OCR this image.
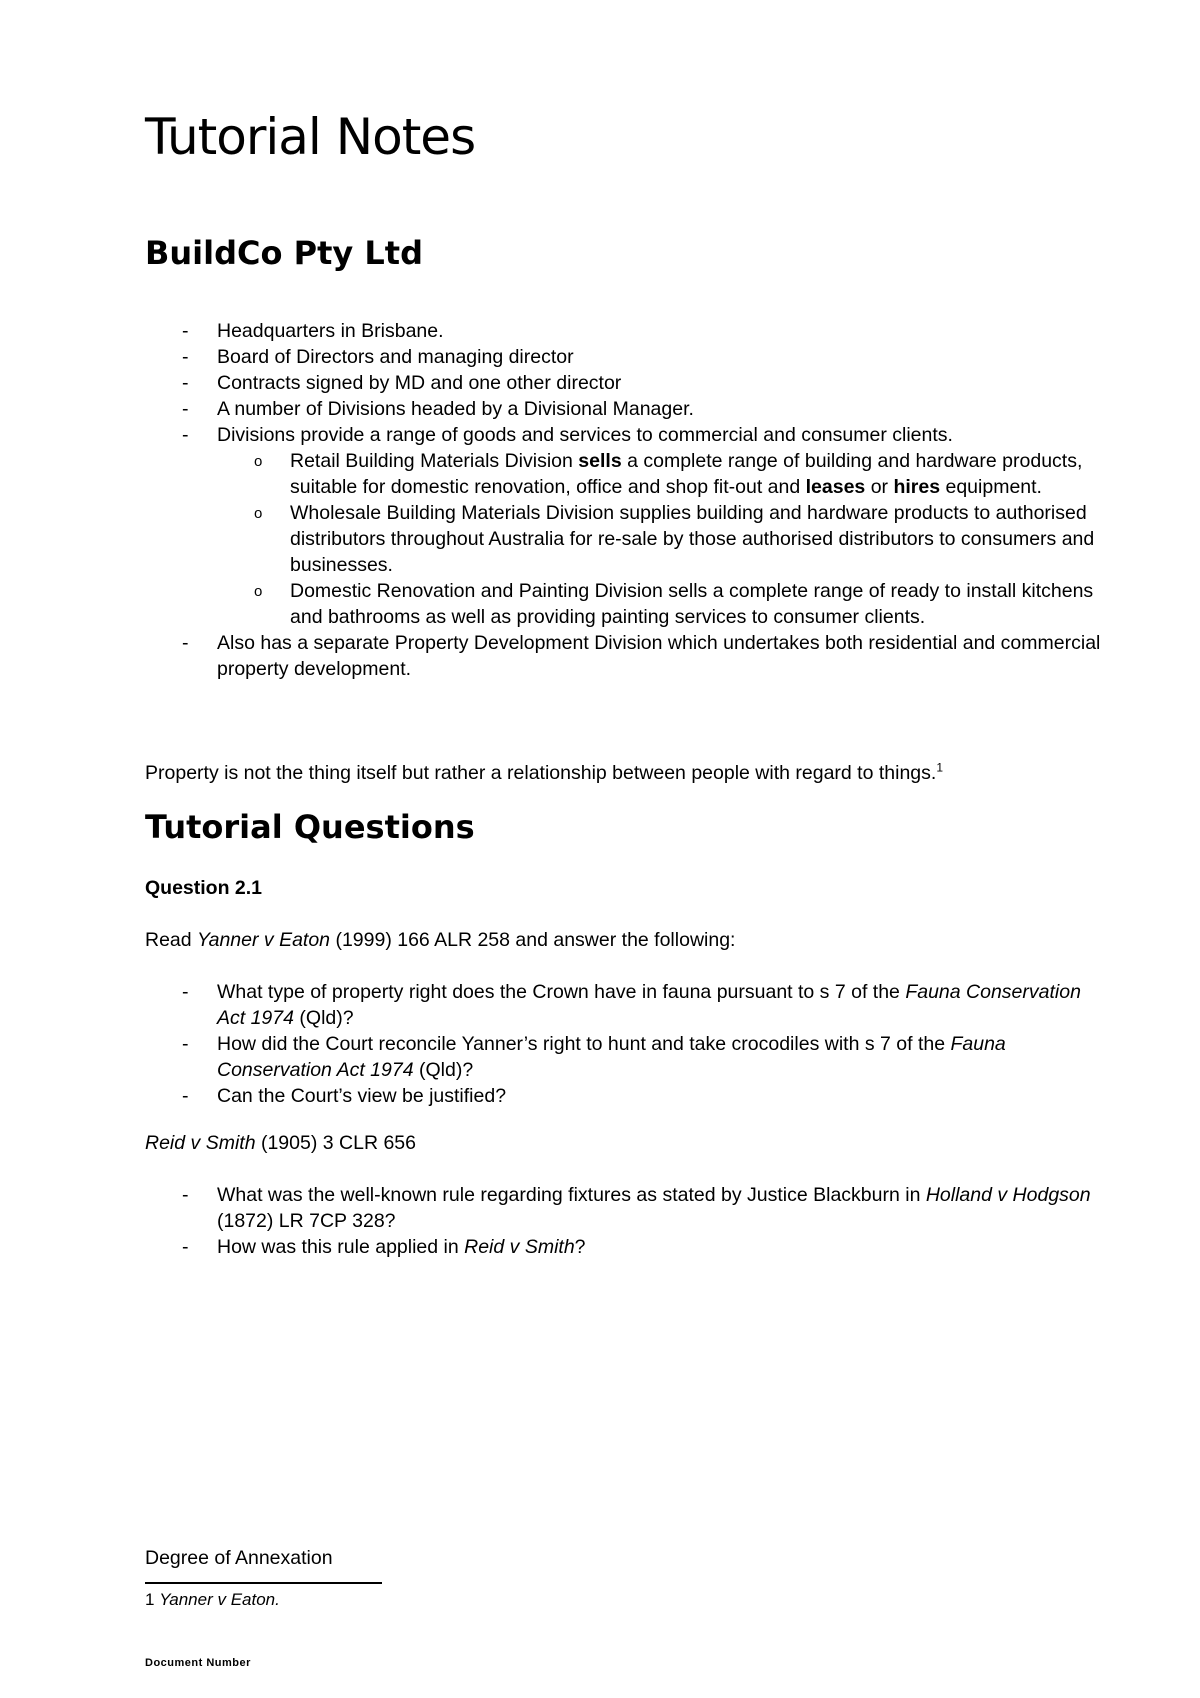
Tutorial Notes
BuildCo Pty Ltd
- Headquarters in Brisbane.
- Board of Directors and managing director
- Contracts signed by MD and one other director
- A number of Divisions headed by a Divisional Manager.
- Divisions provide a range of goods and services to commercial and consumer clients.
o Retail Building Materials Division sells a complete range of building and hardware products, suitable for domestic renovation, office and shop fit-out and leases or hires equipment.
o Wholesale Building Materials Division supplies building and hardware products to authorised distributors throughout Australia for re-sale by those authorised distributors to consumers and businesses.
o Domestic Renovation and Painting Division sells a complete range of ready to install kitchens and bathrooms as well as providing painting services to consumer clients.
- Also has a separate Property Development Division which undertakes both residential and commercial property development.
Property is not the thing itself but rather a relationship between people with regard to things.$^1$
Tutorial Questions
Question 2.1
Read Yanner v Eaton (1999) 166 ALR 258 and answer the following:
- What type of property right does the Crown have in fauna pursuant to s 7 of the Fauna Conservation Act 1974 (Qld)?
- How did the Court reconcile Yanner’s right to hunt and take crocodiles with s 7 of the Fauna Conservation Act 1974 (Qld)?
- Can the Court’s view be justified?
Reid v Smith (1905) 3 CLR 656
- What was the well-known rule regarding fixtures as stated by Justice Blackburn in Holland v Hodgson (1872) LR 7CP 328?
- How was this rule applied in Reid v Smith?
Degree of Annexation
1 Yanner v Eaton.
Document Number
